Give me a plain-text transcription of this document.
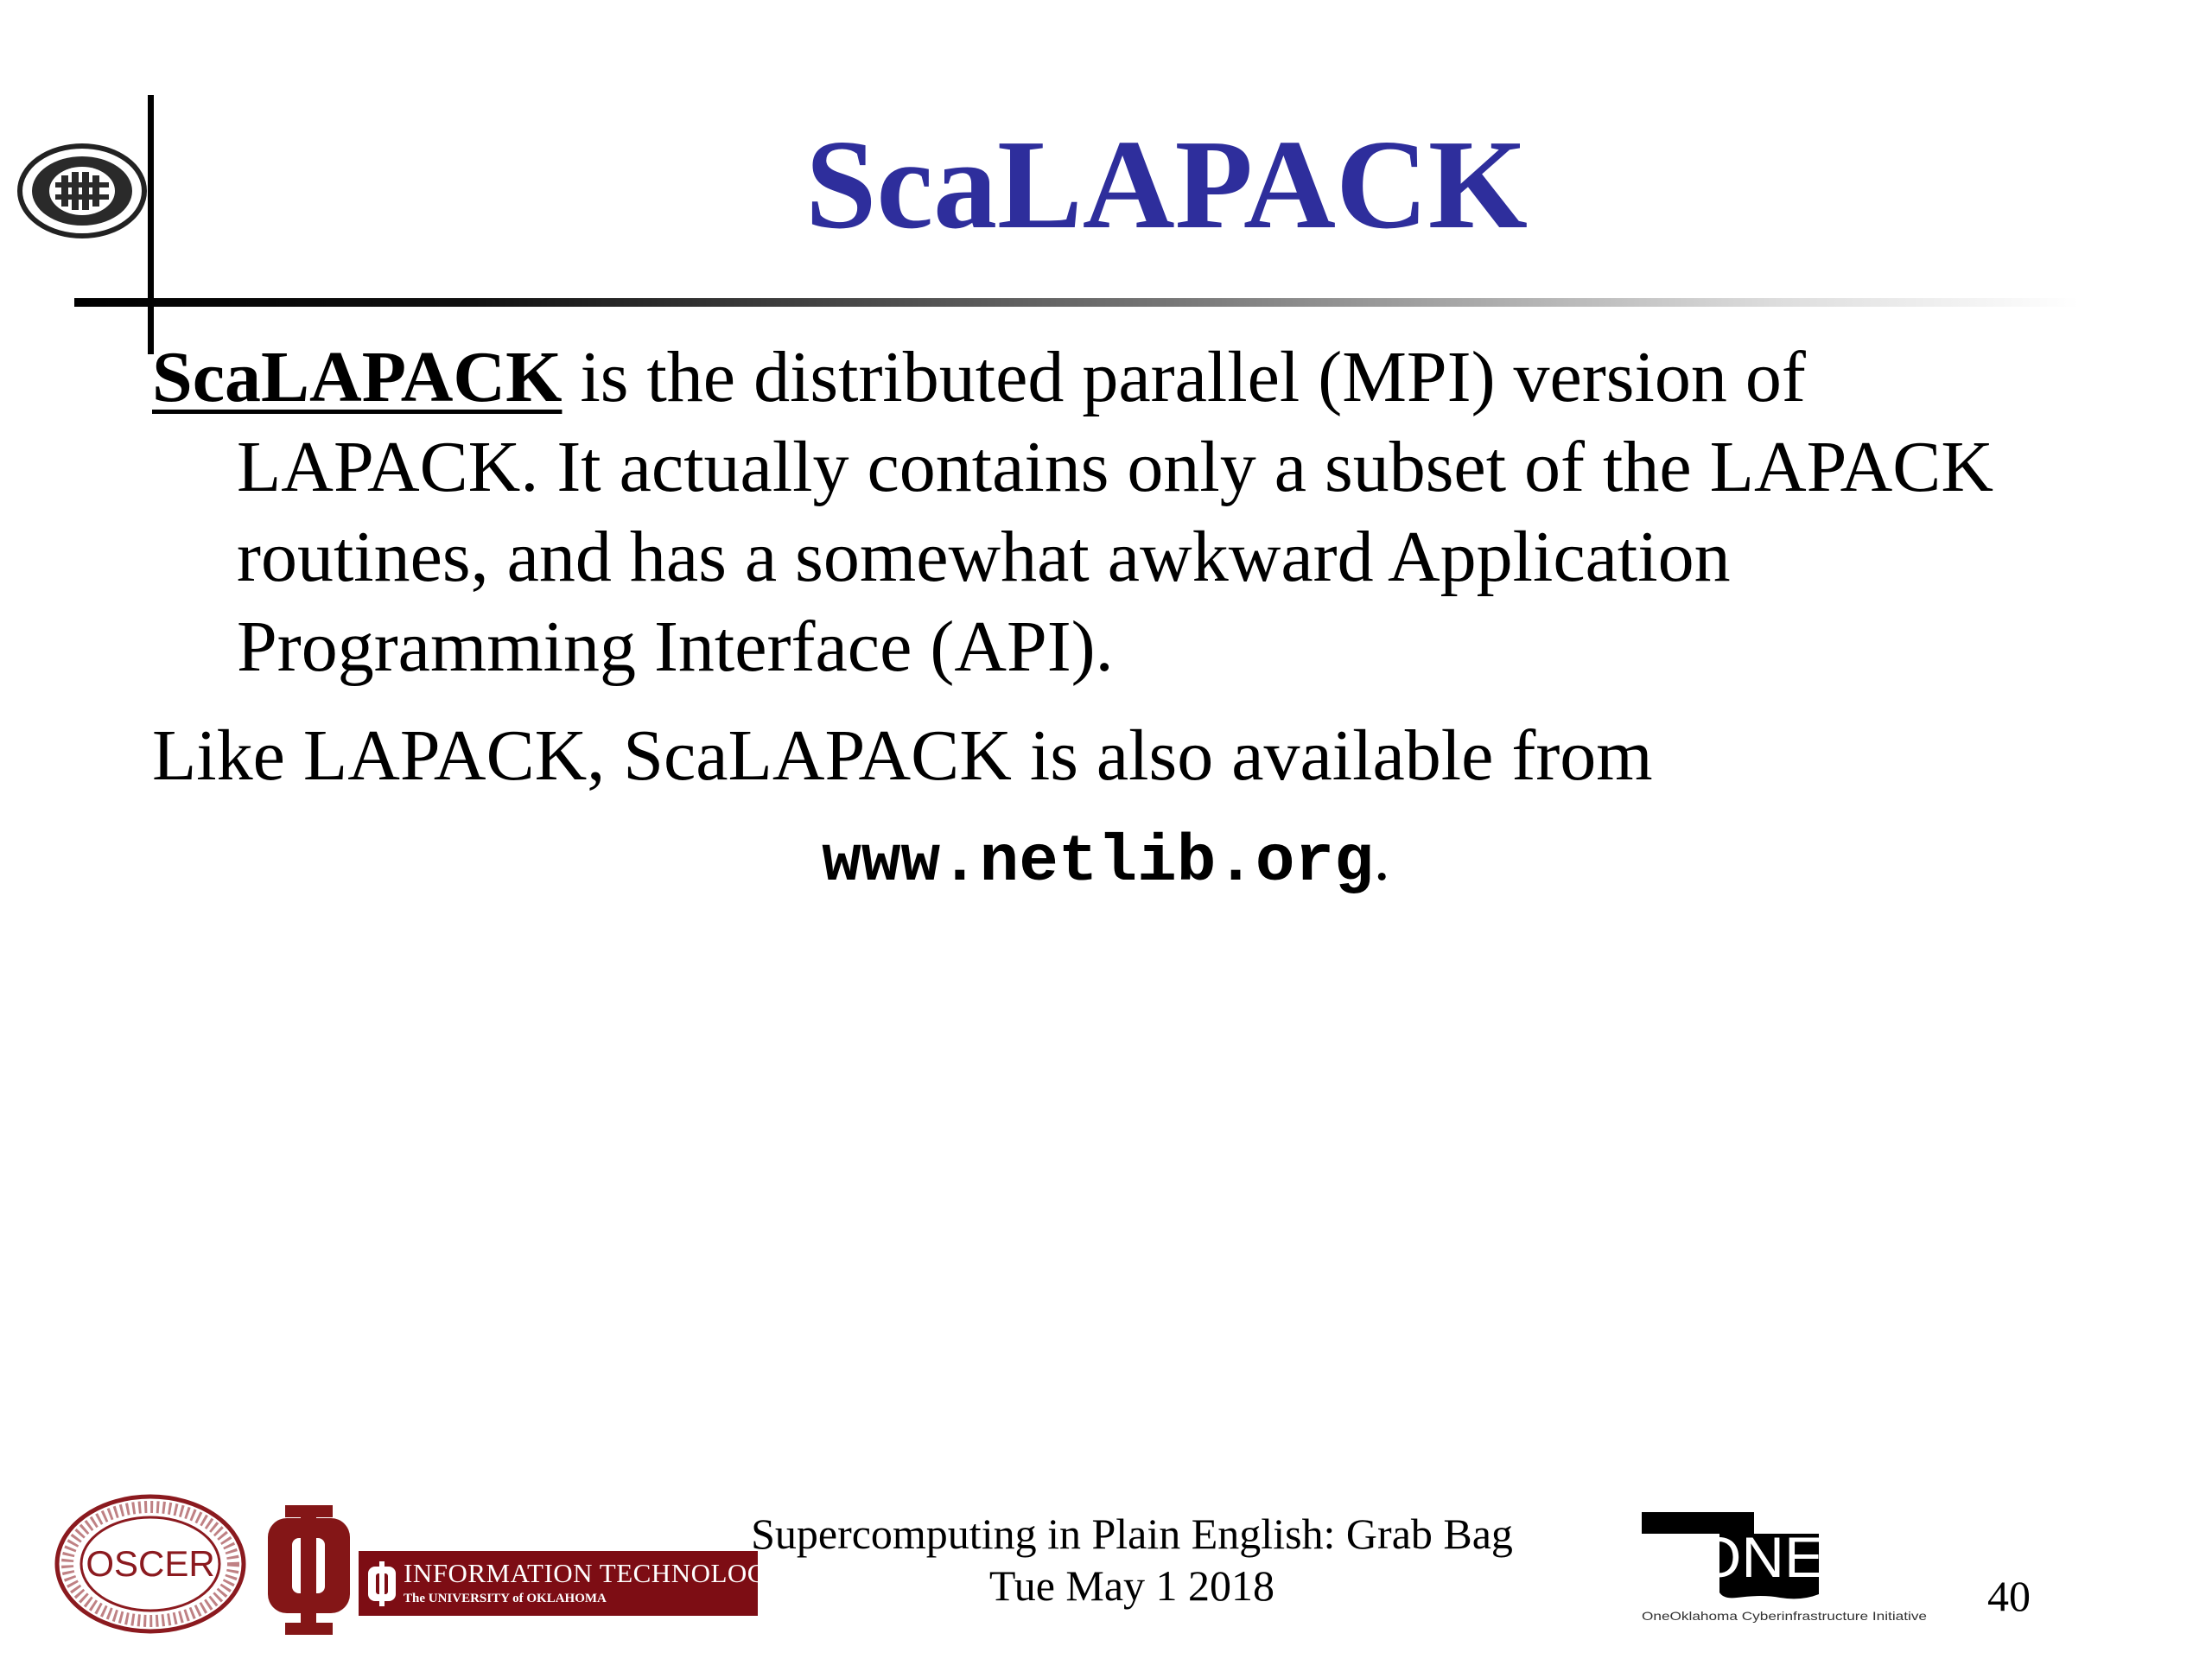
ScaLAPACK

ScaLAPACK is the distributed parallel (MPI) version of LAPACK. It actually contains only a subset of the LAPACK routines, and has a somewhat awkward Application Programming Interface (API).

Like LAPACK, ScaLAPACK is also available from

www.netlib.org.
OSCER	INFORMATION TECHNOLOGY
The UNIVERSITY of OKLAHOMA
Supercomputing in Plain English: Grab Bag
Tue May 1 2018	ONEOCII
OneOklahoma Cyberinfrastructure Initiative 40
